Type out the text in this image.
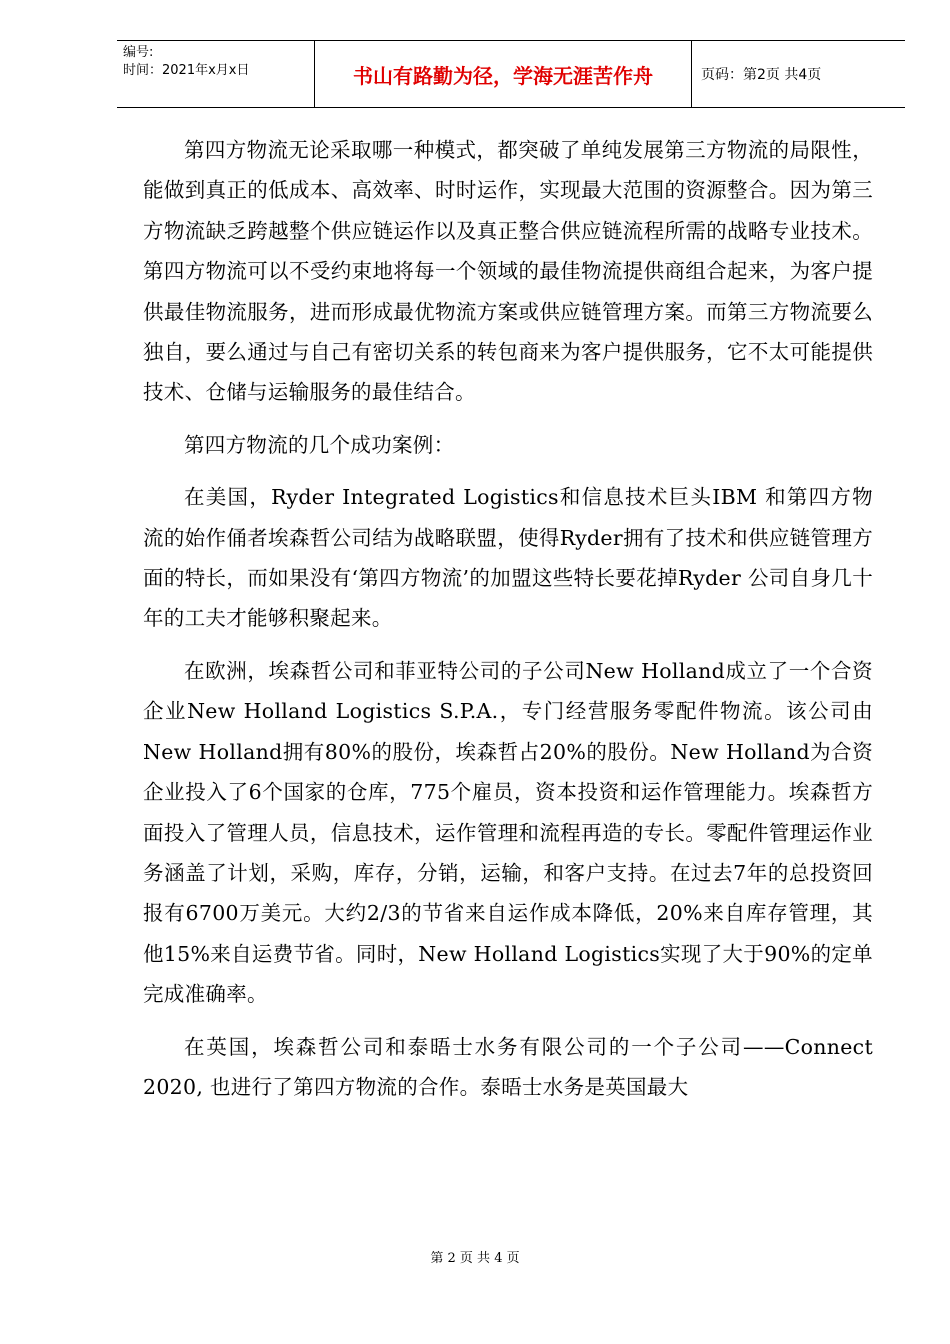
编号:
时间：2021年x月x日	书山有路勤为径，学海无涯苦作舟	页码：第2页 共4页

第四方物流无论采取哪一种模式，都突破了单纯发展第三方物流的局限性，能做到真正的低成本、高效率、时时运作，实现最大范围的资源整合。因为第三方物流缺乏跨越整个供应链运作以及真正整合供应链流程所需的战略专业技术。第四方物流可以不受约束地将每一个领域的最佳物流提供商组合起来，为客户提供最佳物流服务，进而形成最优物流方案或供应链管理方案。而第三方物流要么独自，要么通过与自己有密切关系的转包商来为客户提供服务，它不太可能提供技术、仓储与运输服务的最佳结合。

第四方物流的几个成功案例：

在美国，Ryder Integrated Logistics和信息技术巨头IBM 和第四方物流的始作俑者埃森哲公司结为战略联盟，使得Ryder拥有了技术和供应链管理方面的特长，而如果没有‘第四方物流’的加盟这些特长要花掉Ryder 公司自身几十年的工夫才能够积聚起来。

在欧洲，埃森哲公司和菲亚特公司的子公司New Holland成立了一个合资企业New Holland Logistics S.P.A.，专门经营服务零配件物流。该公司由New Holland拥有80%的股份，埃森哲占20%的股份。New Holland为合资企业投入了6个国家的仓库，775个雇员，资本投资和运作管理能力。埃森哲方面投入了管理人员，信息技术，运作管理和流程再造的专长。零配件管理运作业务涵盖了计划，采购，库存，分销，运输，和客户支持。在过去7年的总投资回报有6700万美元。大约2/3的节省来自运作成本降低，20%来自库存管理，其他15%来自运费节省。同时，New Holland Logistics实现了大于90%的定单完成准确率。

在英国，埃森哲公司和泰晤士水务有限公司的一个子公司——Connect 2020, 也进行了第四方物流的合作。泰晤士水务是英国最大

第 2 页 共 4 页
